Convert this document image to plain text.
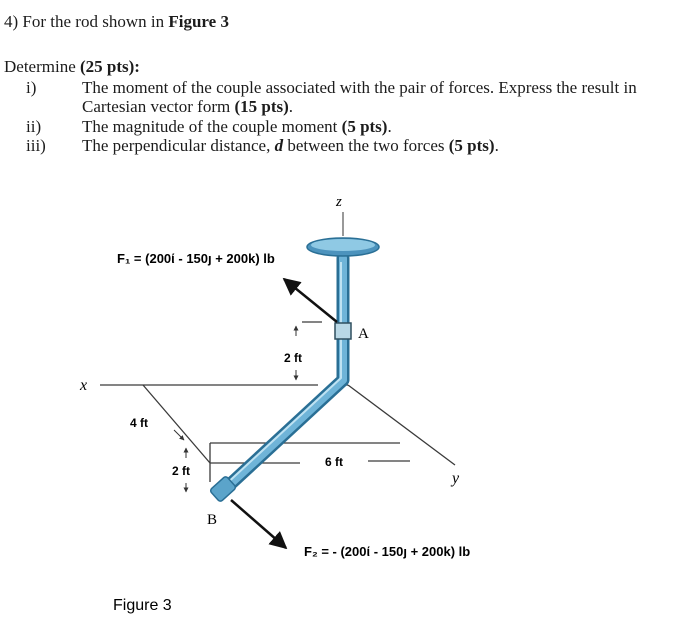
4) For the rod shown in Figure 3
Determine (25 pts):
i)	The moment of the couple associated with the pair of forces. Express the result in
Cartesian vector form (15 pts).
ii) The magnitude of the couple moment (5 pts).
iii) The perpendicular distance, d between the two forces (5 pts).
F₁ = (200ί - 150ȷ + 200k) lb
F₂ = - (200ί - 150ȷ + 200k) lb
z
x
y
A
B
2 ft
4 ft
2 ft
6 ft
Figure 3
